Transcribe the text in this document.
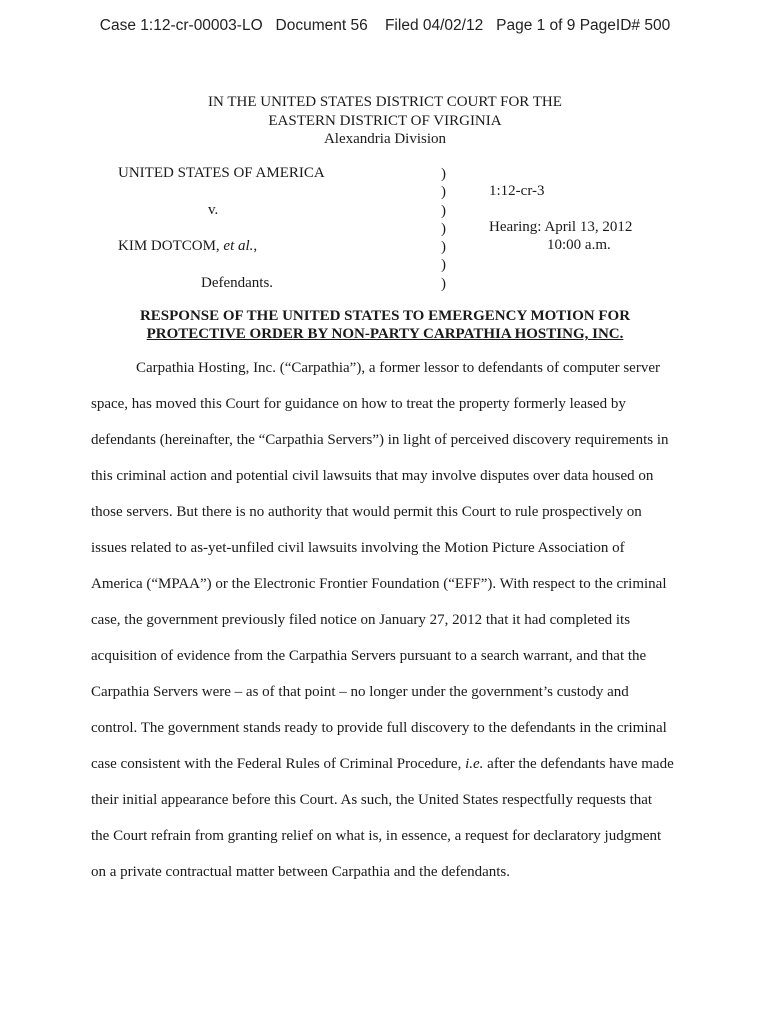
Case 1:12-cr-00003-LO   Document 56    Filed 04/02/12   Page 1 of 9 PageID# 500
IN THE UNITED STATES DISTRICT COURT FOR THE
EASTERN DISTRICT OF VIRGINIA
Alexandria Division
UNITED STATES OF AMERICA
v.
KIM DOTCOM, et al.,
Defendants.
)
)
)
)
)
)
)
1:12-cr-3
Hearing: April 13, 2012
10:00 a.m.
RESPONSE OF THE UNITED STATES TO EMERGENCY MOTION FOR
PROTECTIVE ORDER BY NON-PARTY CARPATHIA HOSTING, INC.
Carpathia Hosting, Inc. (“Carpathia”), a former lessor to defendants of computer server
space, has moved this Court for guidance on how to treat the property formerly leased by
defendants (hereinafter, the “Carpathia Servers”) in light of perceived discovery requirements in
this criminal action and potential civil lawsuits that may involve disputes over data housed on
those servers. But there is no authority that would permit this Court to rule prospectively on
issues related to as-yet-unfiled civil lawsuits involving the Motion Picture Association of
America (“MPAA”) or the Electronic Frontier Foundation (“EFF”). With respect to the criminal
case, the government previously filed notice on January 27, 2012 that it had completed its
acquisition of evidence from the Carpathia Servers pursuant to a search warrant, and that the
Carpathia Servers were – as of that point – no longer under the government’s custody and
control. The government stands ready to provide full discovery to the defendants in the criminal
case consistent with the Federal Rules of Criminal Procedure, i.e. after the defendants have made
their initial appearance before this Court. As such, the United States respectfully requests that
the Court refrain from granting relief on what is, in essence, a request for declaratory judgment
on a private contractual matter between Carpathia and the defendants.
